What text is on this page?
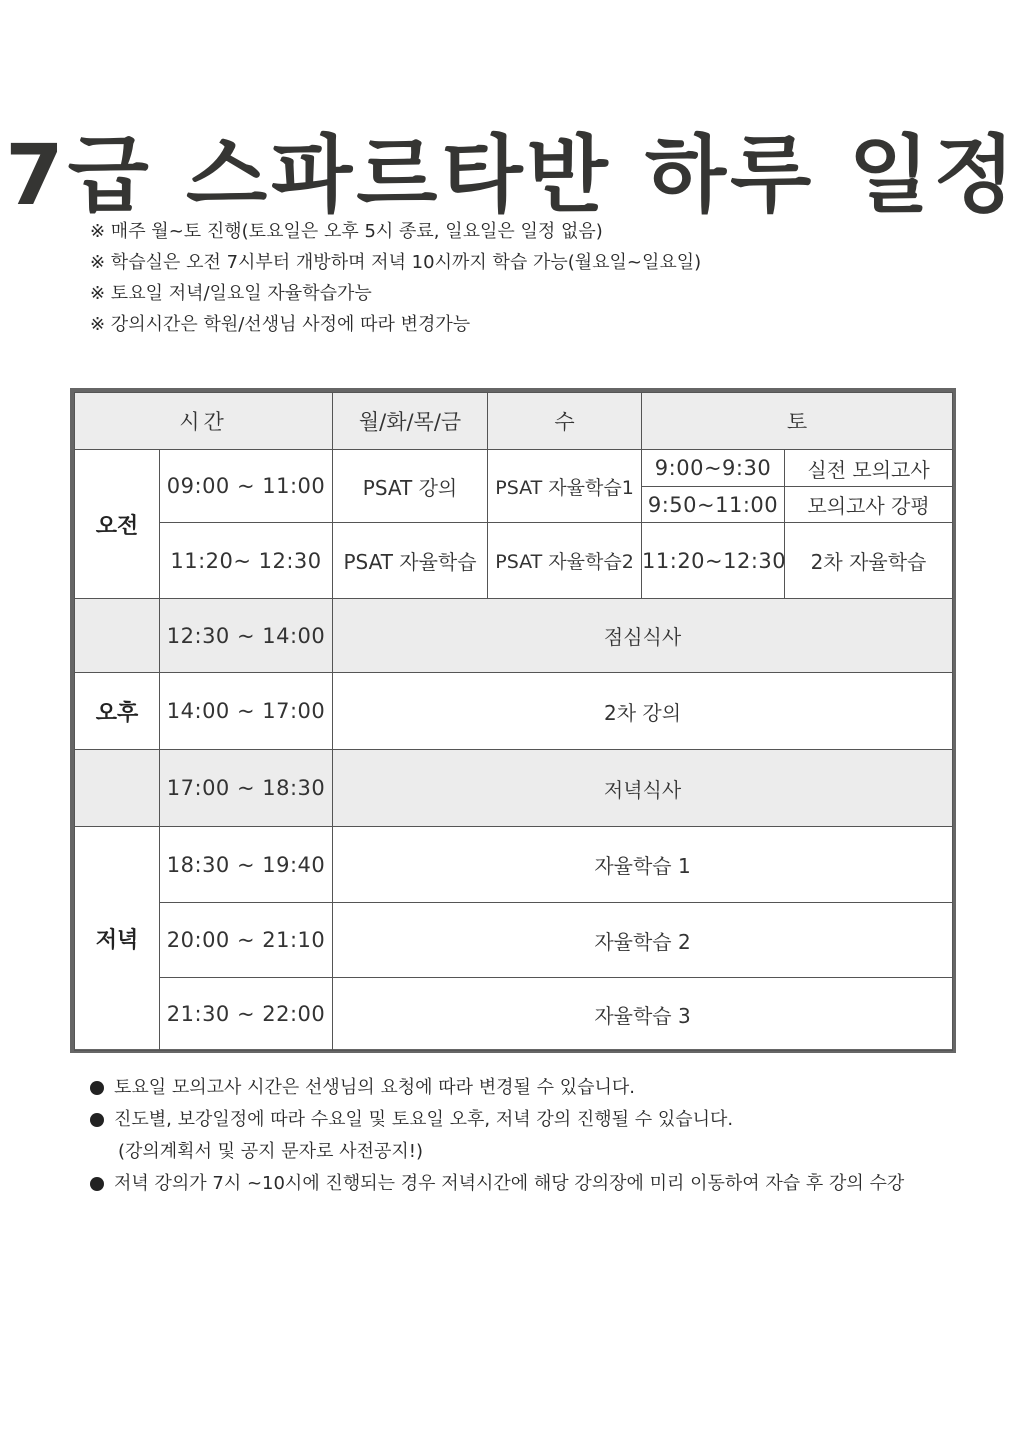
7급 스파르타반 하루 일정
※ 매주 월~토 진행(토요일은 오후 5시 종료, 일요일은 일정 없음)
※ 학습실은 오전 7시부터 개방하며 저녁 10시까지 학습 가능(월요일~일요일)
※ 토요일 저녁/일요일 자율학습가능
※ 강의시간은 학원/선생님 사정에 따라 변경가능
시간		월/화/목/금	수	토	
오전	09:00 ~ 11:00	PSAT 강의	PSAT 자율학습1	9:00~9:30	실전 모의고사
				9:50~11:00	모의고사 강평
	11:20~ 12:30	PSAT 자율학습	PSAT 자율학습2	11:20~12:30	2차 자율학습
	12:30 ~ 14:00	점심식사			
오후	14:00 ~ 17:00	2차 강의			
	17:00 ~ 18:30	저녁식사			
저녁	18:30 ~ 19:40	자율학습 1			
	20:00 ~ 21:10	자율학습 2			
	21:30 ~ 22:00	자율학습 3			
토요일 모의고사 시간은 선생님의 요청에 따라 변경될 수 있습니다.
진도별, 보강일정에 따라 수요일 및 토요일 오후, 저녁 강의 진행될 수 있습니다.
(강의계획서 및 공지 문자로 사전공지!)
저녁 강의가 7시 ~10시에 진행되는 경우 저녁시간에 해당 강의장에 미리 이동하여 자습 후 강의 수강
